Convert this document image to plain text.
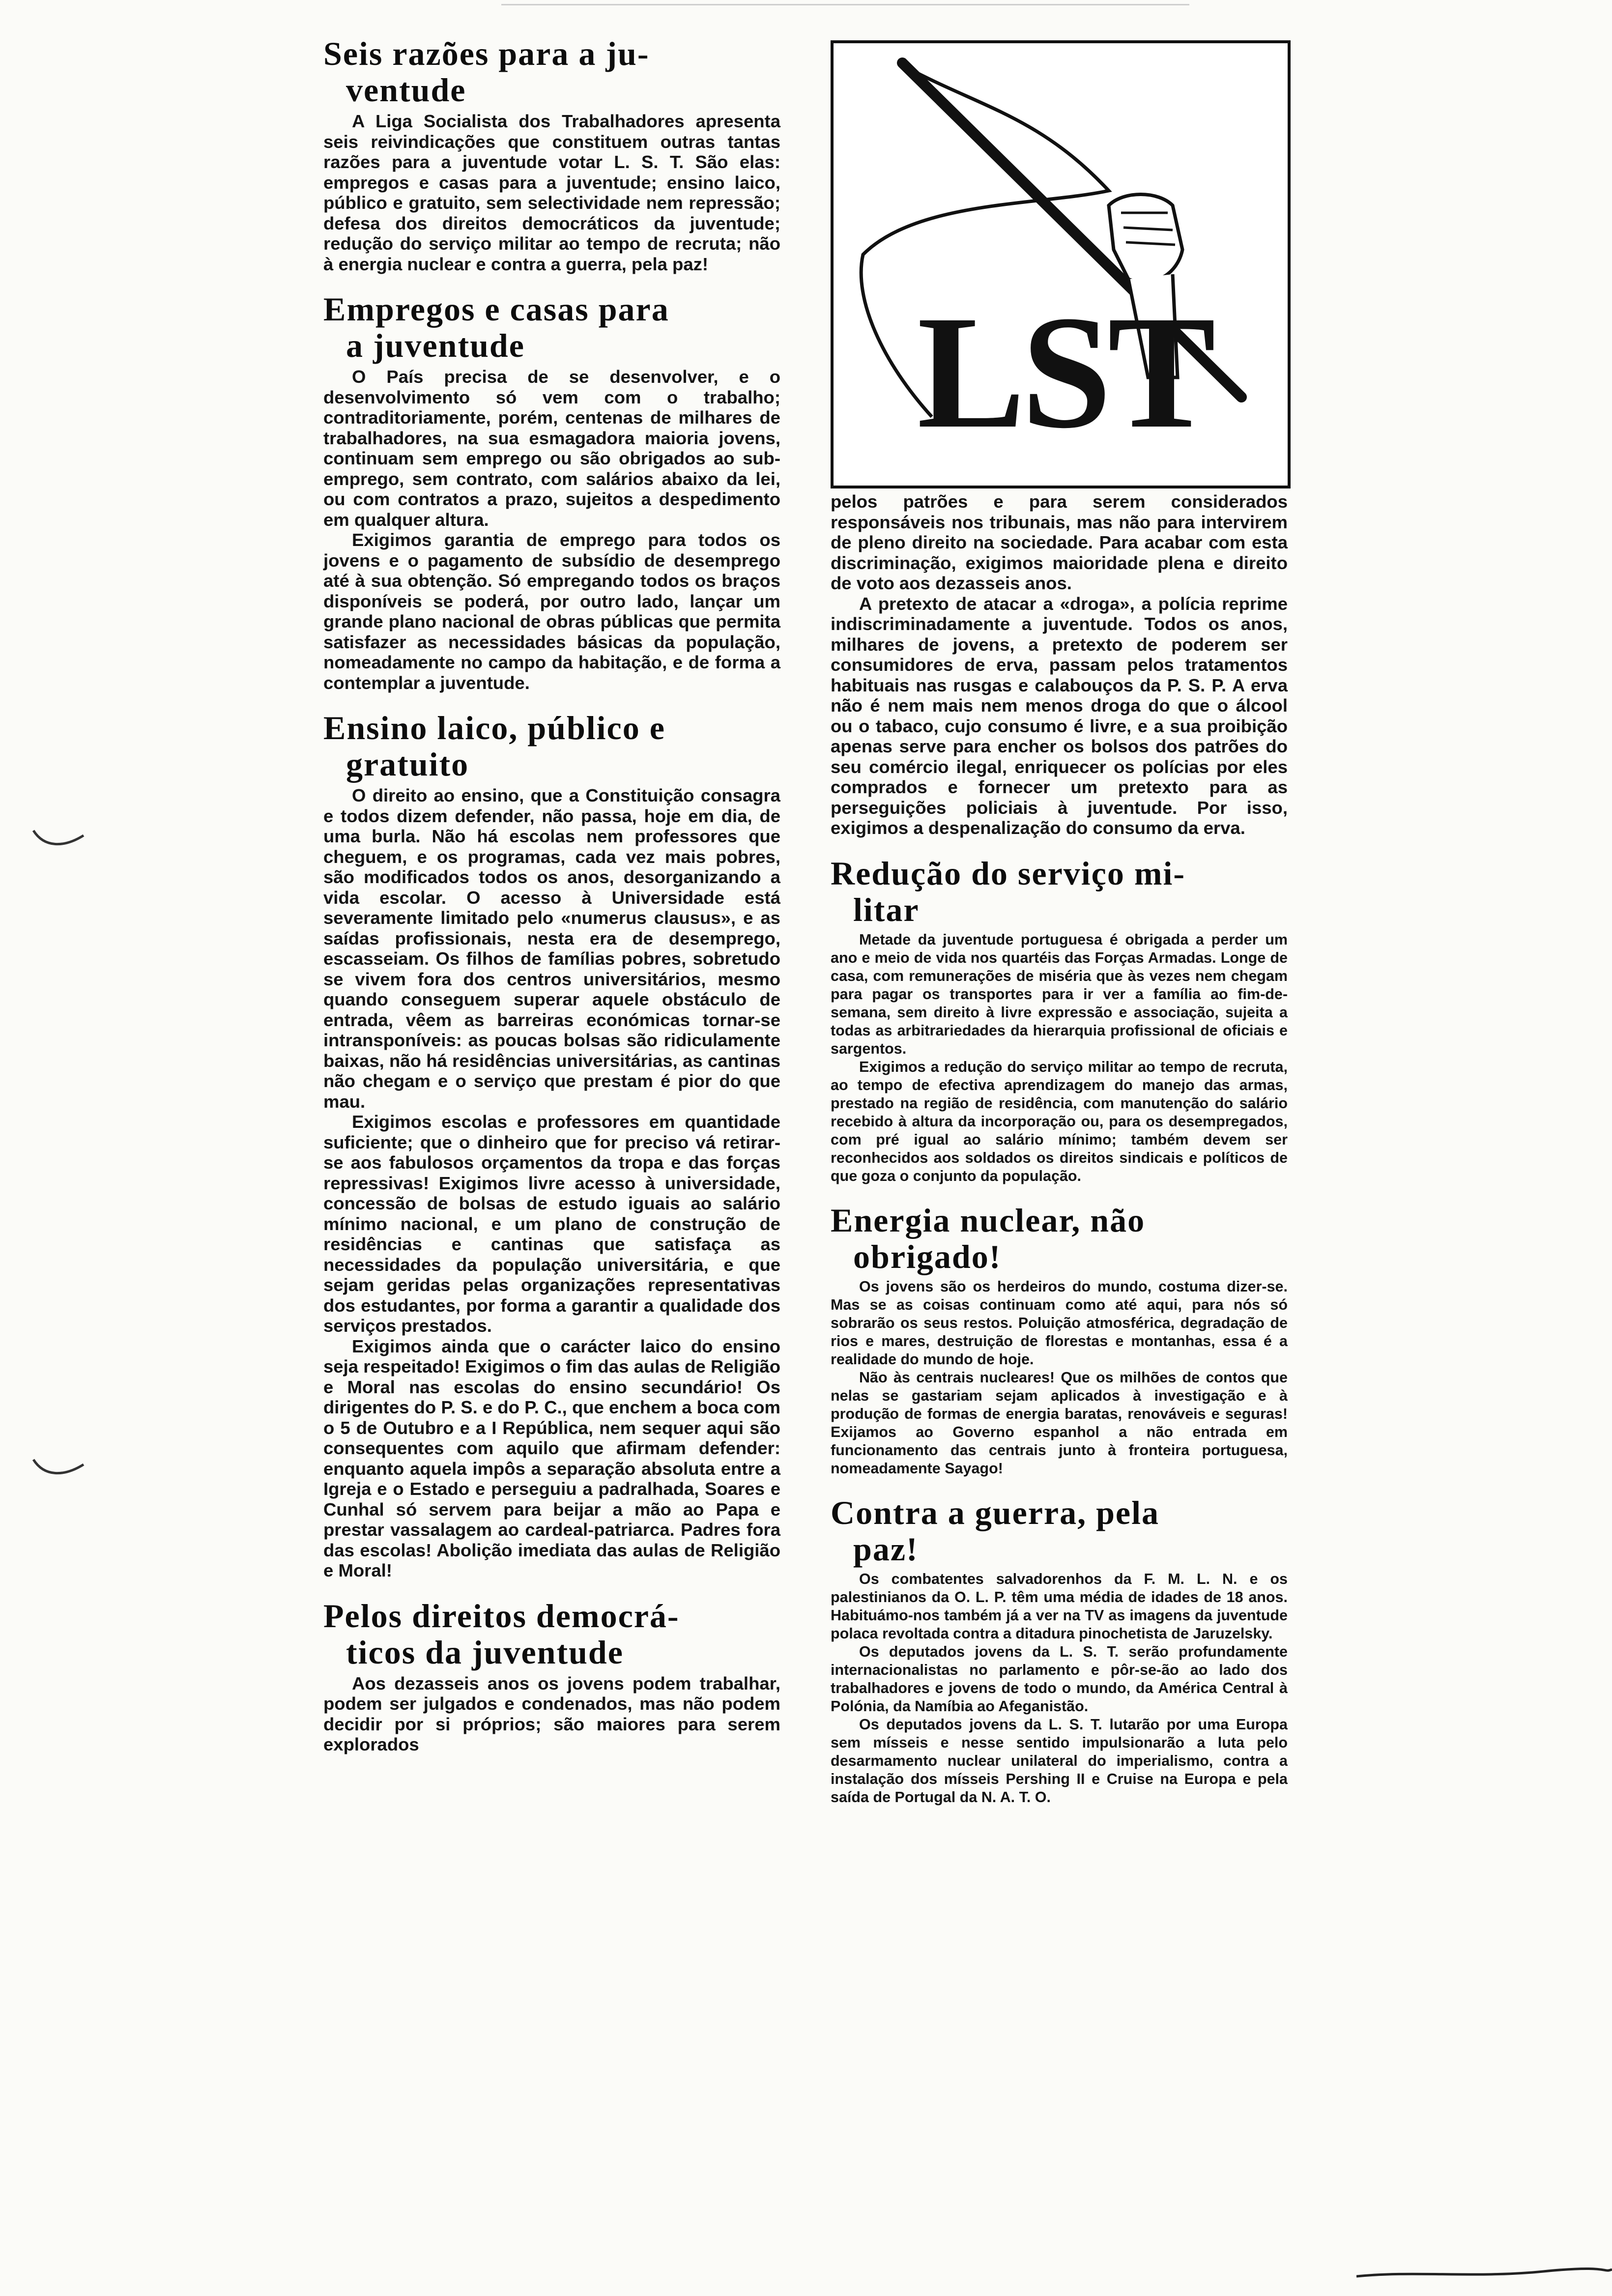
Seis razões para a ju-
ventude

A Liga Socialista dos Trabalhadores apresenta seis reivindicações que constituem outras tantas razões para a juventude votar L. S. T. São elas: empregos e casas para a juventude; ensino laico, público e gratuito, sem selectividade nem repressão; defesa dos direitos democráticos da juventude; redução do serviço militar ao tempo de recruta; não à energia nuclear e contra a guerra, pela paz!

Empregos e casas para
a juventude

O País precisa de se desenvolver, e o desenvolvimento só vem com o trabalho; contraditoriamente, porém, centenas de milhares de trabalhadores, na sua esmagadora maioria jovens, continuam sem emprego ou são obrigados ao sub-emprego, sem contrato, com salários abaixo da lei, ou com contratos a prazo, sujeitos a despedimento em qualquer altura.

Exigimos garantia de emprego para todos os jovens e o pagamento de subsídio de desemprego até à sua obtenção. Só empregando todos os braços disponíveis se poderá, por outro lado, lançar um grande plano nacional de obras públicas que permita satisfazer as necessidades básicas da população, nomeadamente no campo da habitação, e de forma a contemplar a juventude.

Ensino laico, público e
gratuito

O direito ao ensino, que a Constituição consagra e todos dizem defender, não passa, hoje em dia, de uma burla. Não há escolas nem professores que cheguem, e os programas, cada vez mais pobres, são modificados todos os anos, desorganizando a vida escolar. O acesso à Universidade está severamente limitado pelo «numerus clausus», e as saídas profissionais, nesta era de desemprego, escasseiam. Os filhos de famílias pobres, sobretudo se vivem fora dos centros universitários, mesmo quando conseguem superar aquele obstáculo de entrada, vêem as barreiras económicas tornar-se intransponíveis: as poucas bolsas são ridiculamente baixas, não há residências universitárias, as cantinas não chegam e o serviço que prestam é pior do que mau.

Exigimos escolas e professores em quantidade suficiente; que o dinheiro que for preciso vá retirar-se aos fabulosos orçamentos da tropa e das forças repressivas! Exigimos livre acesso à universidade, concessão de bolsas de estudo iguais ao salário mínimo nacional, e um plano de construção de residências e cantinas que satisfaça as necessidades da população universitária, e que sejam geridas pelas organizações representativas dos estudantes, por forma a garantir a qualidade dos serviços prestados.

Exigimos ainda que o carácter laico do ensino seja respeitado! Exigimos o fim das aulas de Religião e Moral nas escolas do ensino secundário! Os dirigentes do P. S. e do P. C., que enchem a boca com o 5 de Outubro e a I República, nem sequer aqui são consequentes com aquilo que afirmam defender: enquanto aquela impôs a separação absoluta entre a Igreja e o Estado e perseguiu a padralhada, Soares e Cunhal só servem para beijar a mão ao Papa e prestar vassalagem ao cardeal-patriarca. Padres fora das escolas! Abolição imediata das aulas de Religião e Moral!

Pelos direitos democrá-
ticos da juventude

Aos dezasseis anos os jovens podem trabalhar, podem ser julgados e condenados, mas não podem decidir por si próprios; são maiores para serem explorados

LST

pelos patrões e para serem considerados responsáveis nos tribunais, mas não para intervirem de pleno direito na sociedade. Para acabar com esta discriminação, exigimos maioridade plena e direito de voto aos dezasseis anos.

A pretexto de atacar a «droga», a polícia reprime indiscriminadamente a juventude. Todos os anos, milhares de jovens, a pretexto de poderem ser consumidores de erva, passam pelos tratamentos habituais nas rusgas e calabouços da P. S. P. A erva não é nem mais nem menos droga do que o álcool ou o tabaco, cujo consumo é livre, e a sua proibição apenas serve para encher os bolsos dos patrões do seu comércio ilegal, enriquecer os polícias por eles comprados e fornecer um pretexto para as perseguições policiais à juventude. Por isso, exigimos a despenalização do consumo da erva.

Redução do serviço mi-
litar

Metade da juventude portuguesa é obrigada a perder um ano e meio de vida nos quartéis das Forças Armadas. Longe de casa, com remunerações de miséria que às vezes nem chegam para pagar os transportes para ir ver a família ao fim-de-semana, sem direito à livre expressão e associação, sujeita a todas as arbitrariedades da hierarquia profissional de oficiais e sargentos.

Exigimos a redução do serviço militar ao tempo de recruta, ao tempo de efectiva aprendizagem do manejo das armas, prestado na região de residência, com manutenção do salário recebido à altura da incorporação ou, para os desempregados, com pré igual ao salário mínimo; também devem ser reconhecidos aos soldados os direitos sindicais e políticos de que goza o conjunto da população.

Energia nuclear, não
obrigado!

Os jovens são os herdeiros do mundo, costuma dizer-se. Mas se as coisas continuam como até aqui, para nós só sobrarão os seus restos. Poluição atmosférica, degradação de rios e mares, destruição de florestas e montanhas, essa é a realidade do mundo de hoje.

Não às centrais nucleares! Que os milhões de contos que nelas se gastariam sejam aplicados à investigação e à produção de formas de energia baratas, renováveis e seguras! Exijamos ao Governo espanhol a não entrada em funcionamento das centrais junto à fronteira portuguesa, nomeadamente Sayago!

Contra a guerra, pela
paz!

Os combatentes salvadorenhos da F. M. L. N. e os palestinianos da O. L. P. têm uma média de idades de 18 anos. Habituámo-nos também já a ver na TV as imagens da juventude polaca revoltada contra a ditadura pinochetista de Jaruzelsky.

Os deputados jovens da L. S. T. serão profundamente internacionalistas no parlamento e pôr-se-ão ao lado dos trabalhadores e jovens de todo o mundo, da América Central à Polónia, da Namíbia ao Afeganistão.

Os deputados jovens da L. S. T. lutarão por uma Europa sem mísseis e nesse sentido impulsionarão a luta pelo desarmamento nuclear unilateral do imperialismo, contra a instalação dos mísseis Pershing II e Cruise na Europa e pela saída de Portugal da N. A. T. O.
